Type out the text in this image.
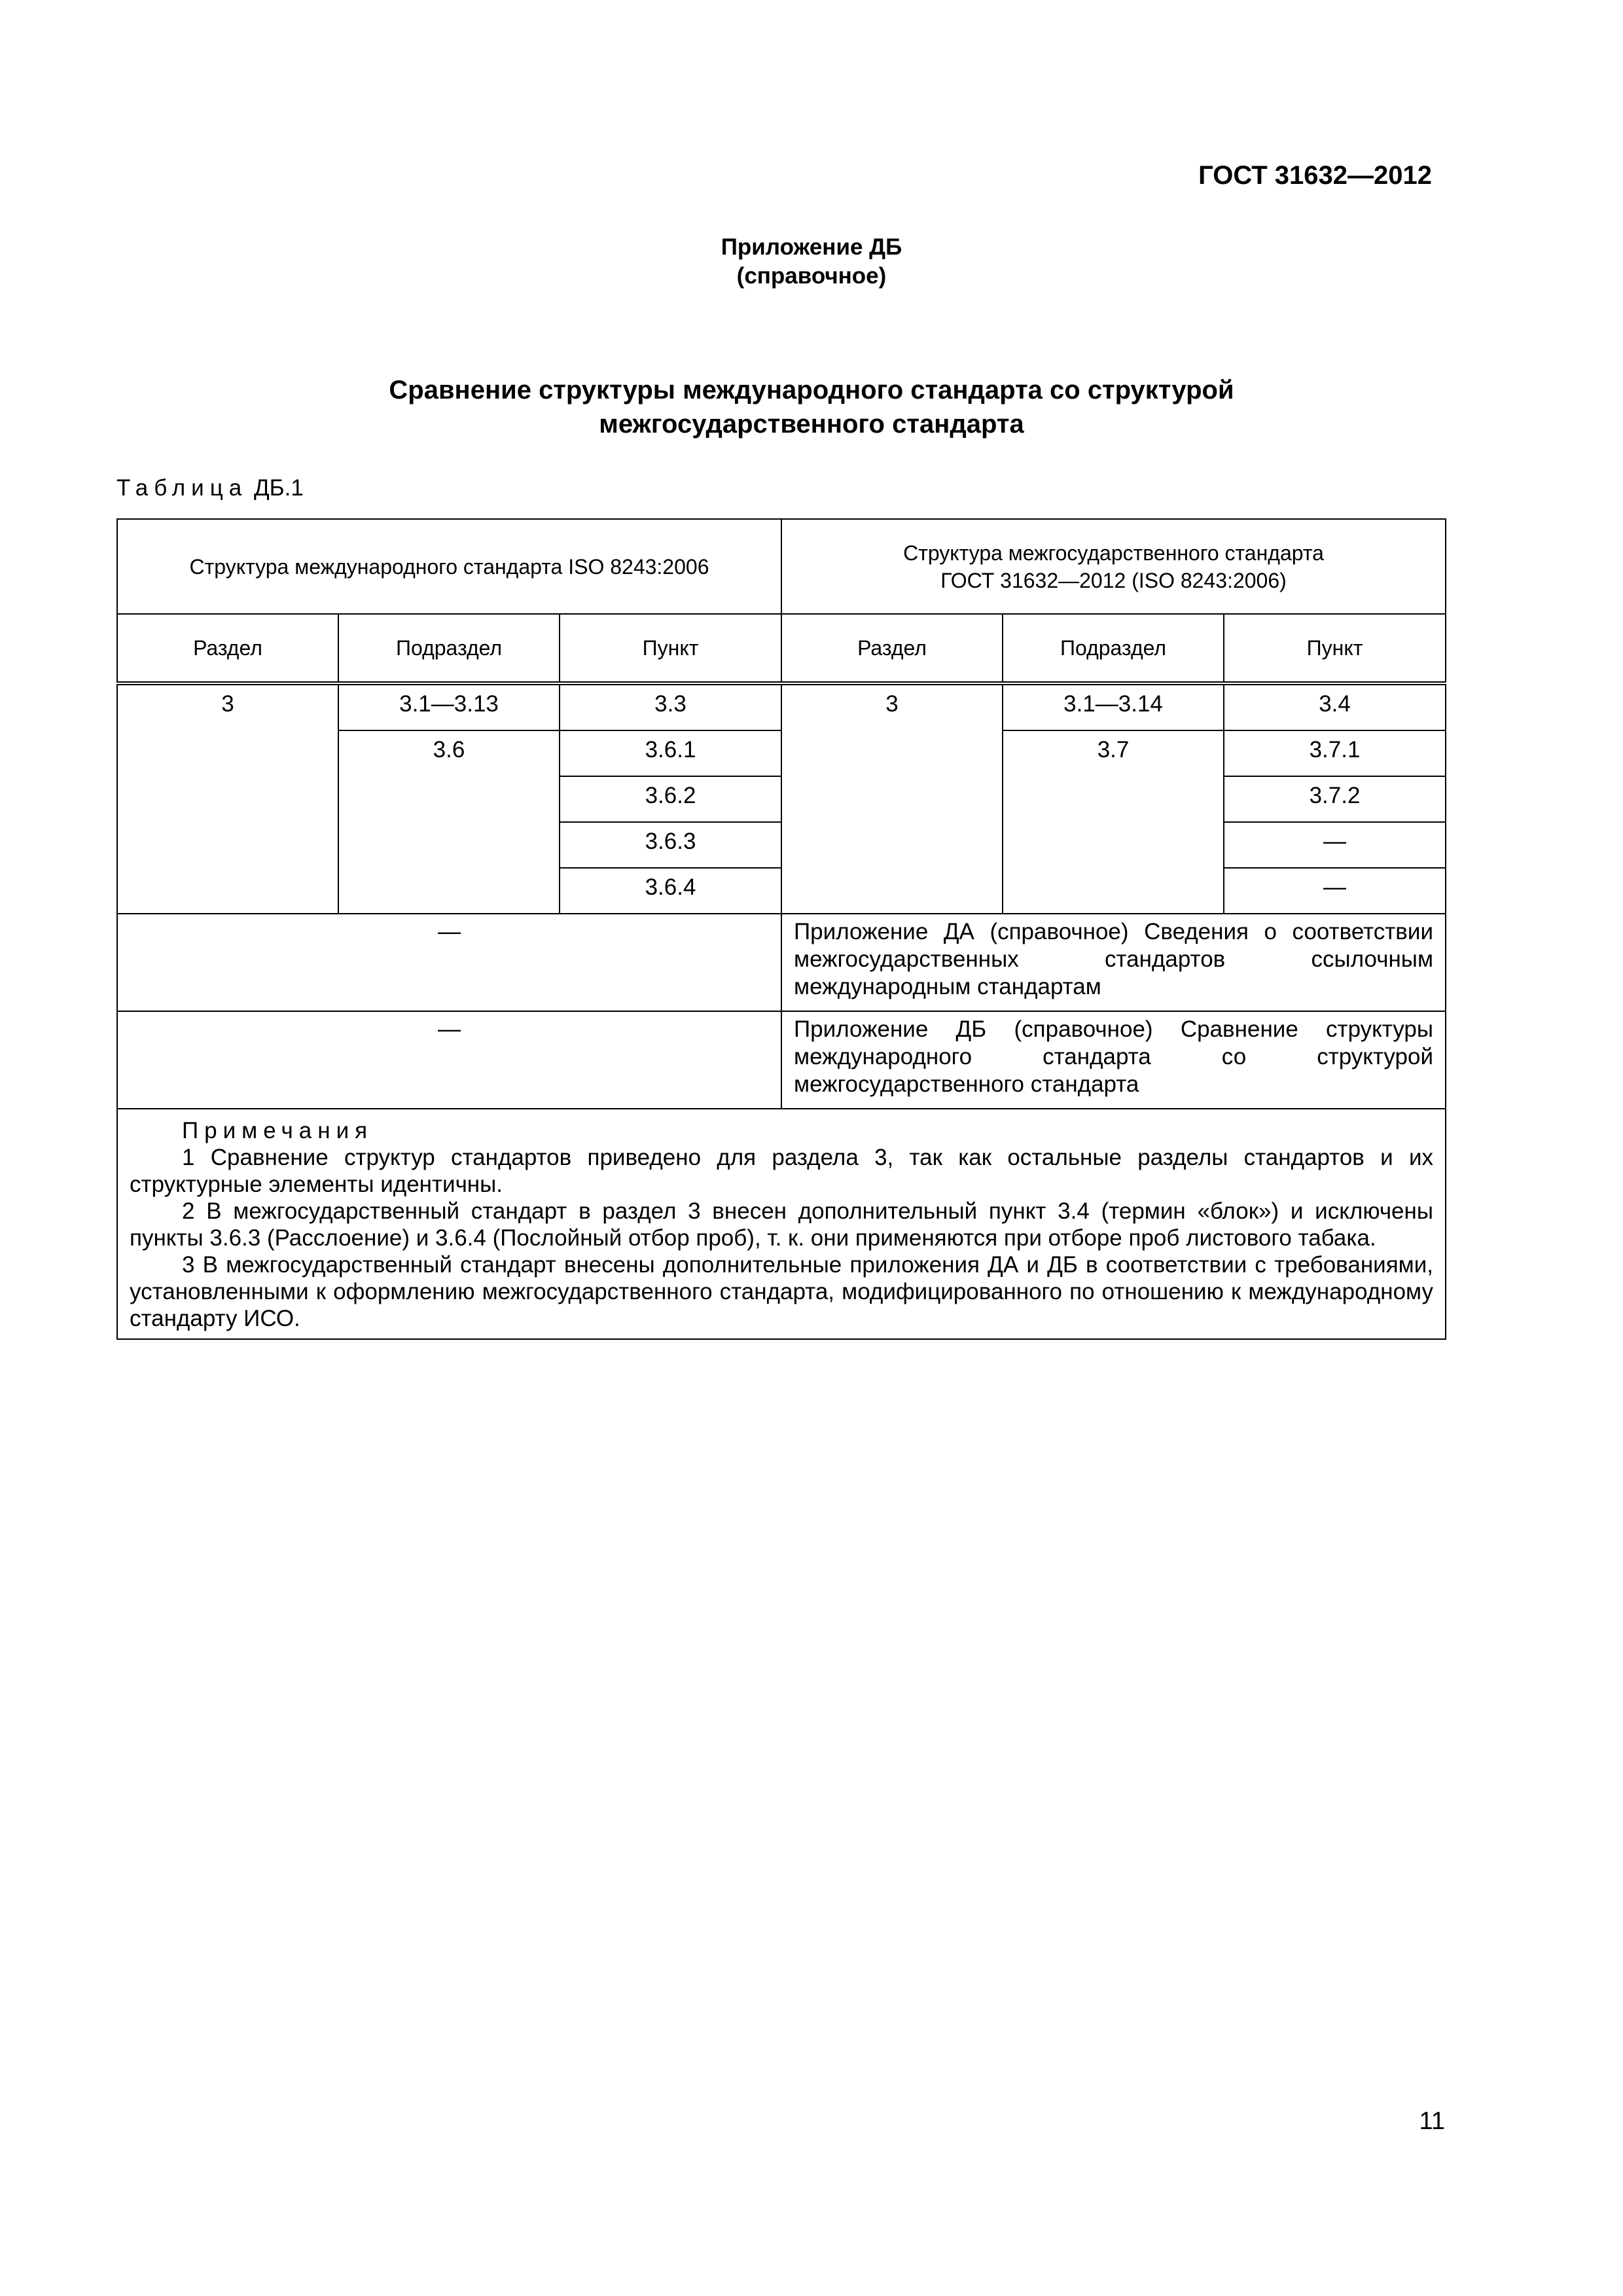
ГОСТ 31632—2012
Приложение ДБ
(справочное)
Сравнение структуры международного стандарта со структурой
межгосударственного стандарта
Таблица ДБ.1
Структура международного стандарта ISO 8243:2006			Структура межгосударственного стандарта
ГОСТ 31632—2012 (ISO 8243:2006)		

Раздел	Подраздел	Пункт	Раздел	Подраздел	Пункт
3	3.1—3.13	3.3	3	3.1—3.14	3.4
	3.6	3.6.1		3.7	3.7.1
		3.6.2			3.7.2
		3.6.3			—
		3.6.4			—
—			Приложение ДА (справочное) Сведения о соответствии межгосударственных стандартов ссылочным международным стандартам		
—			Приложение ДБ (справочное) Сравнение структуры международного стандарта со структурой межгосударственного стандарта		

Примечания

1 Сравнение структур стандартов приведено для раздела 3, так как остальные разделы стандартов и их структурные элементы идентичны.

2 В межгосударственный стандарт в раздел 3 внесен дополнительный пункт 3.4 (термин «блок») и исключены пункты 3.6.3 (Расслоение) и 3.6.4 (Послойный отбор проб), т. к. они применяются при отборе проб листового табака.

3 В межгосударственный стандарт внесены дополнительные приложения ДА и ДБ в соответствии с требованиями, установленными к оформлению межгосударственного стандарта, модифицированного по отношению к международному стандарту ИСО.					

11
